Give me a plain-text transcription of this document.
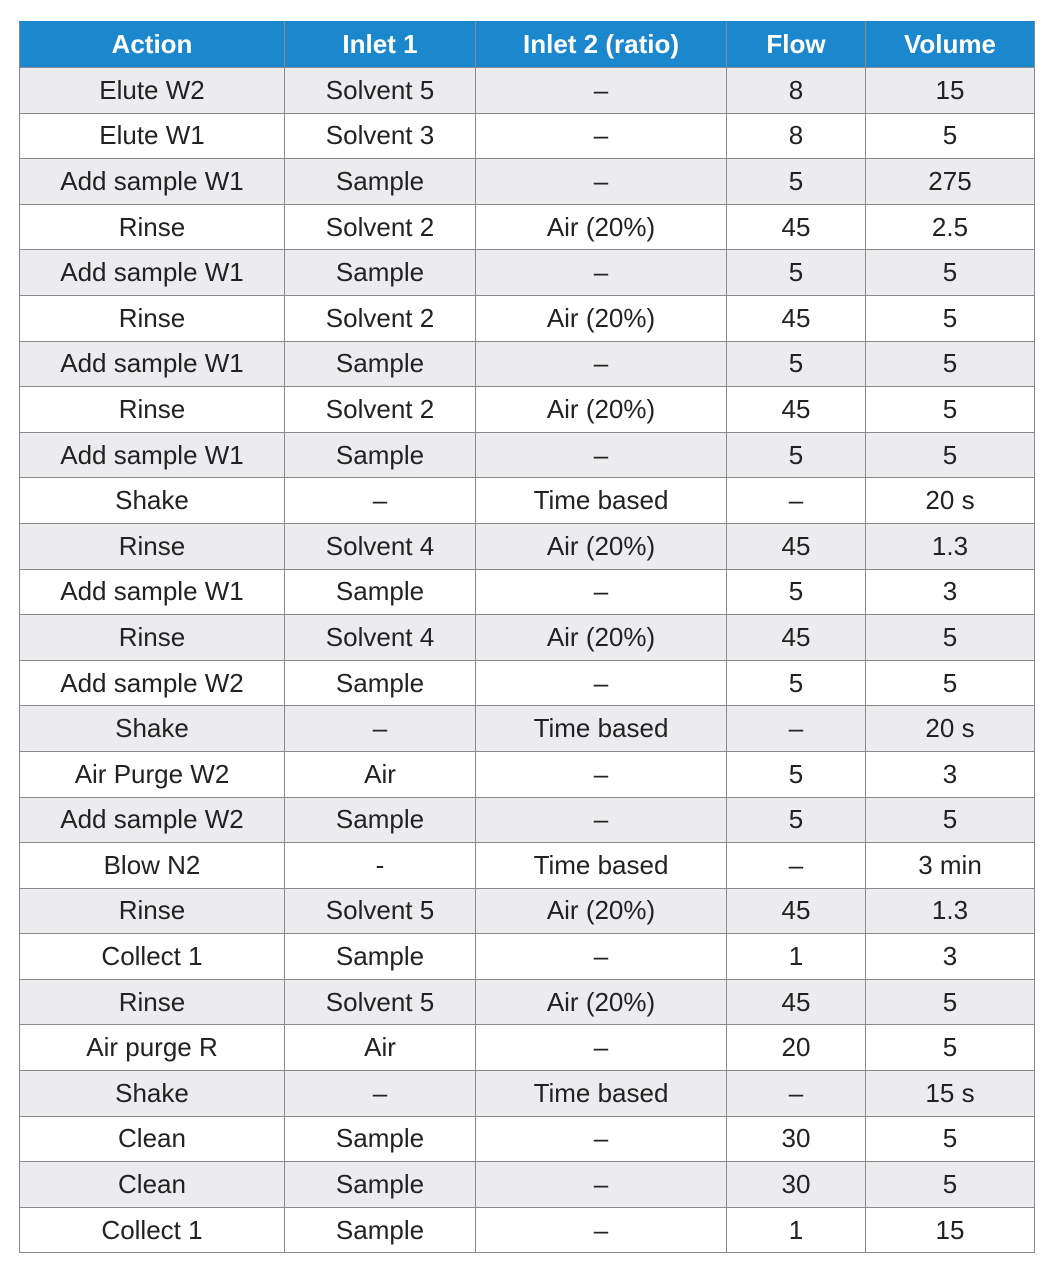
Action	Inlet 1	Inlet 2 (ratio)	Flow	Volume
Elute W2	Solvent 5	–	8	15
Elute W1	Solvent 3	–	8	5
Add sample W1	Sample	–	5	275
Rinse	Solvent 2	Air (20%)	45	2.5
Add sample W1	Sample	–	5	5
Rinse	Solvent 2	Air (20%)	45	5
Add sample W1	Sample	–	5	5
Rinse	Solvent 2	Air (20%)	45	5
Add sample W1	Sample	–	5	5
Shake	–	Time based	–	20 s
Rinse	Solvent 4	Air (20%)	45	1.3
Add sample W1	Sample	–	5	3
Rinse	Solvent 4	Air (20%)	45	5
Add sample W2	Sample	–	5	5
Shake	–	Time based	–	20 s
Air Purge W2	Air	–	5	3
Add sample W2	Sample	–	5	5
Blow N2	-	Time based	–	3 min
Rinse	Solvent 5	Air (20%)	45	1.3
Collect 1	Sample	–	1	3
Rinse	Solvent 5	Air (20%)	45	5
Air purge R	Air	–	20	5
Shake	–	Time based	–	15 s
Clean	Sample	–	30	5
Clean	Sample	–	30	5
Collect 1	Sample	–	1	15
